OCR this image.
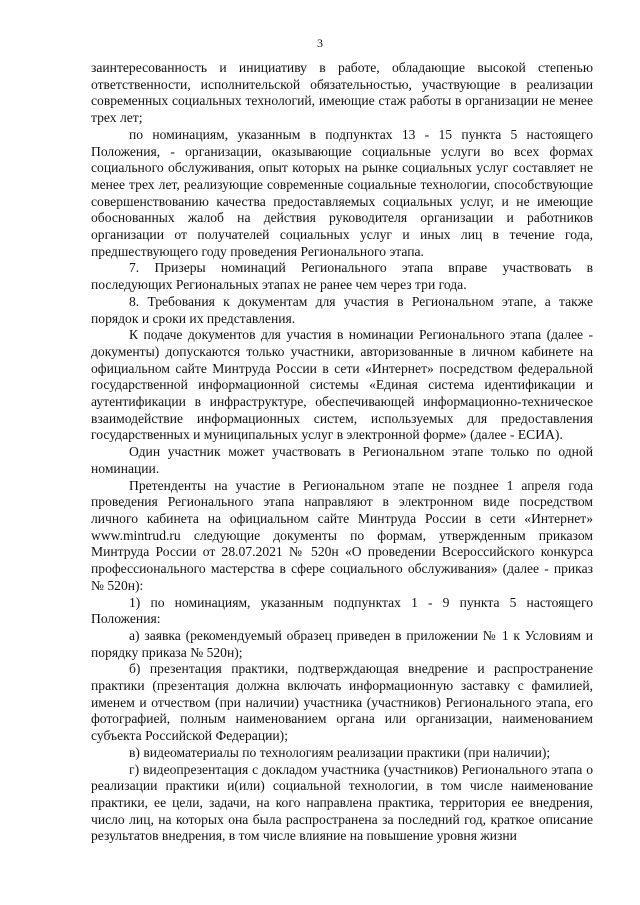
3

заинтересованность и инициативу в работе, обладающие высокой степенью ответственности, исполнительской обязательностью, участвующие в реализации современных социальных технологий, имеющие стаж работы в организации не менее трех лет;

по номинациям, указанным в подпунктах 13 - 15 пункта 5 настоящего Положения, - организации, оказывающие социальные услуги во всех формах социального обслуживания, опыт которых на рынке социальных услуг составляет не менее трех лет, реализующие современные социальные технологии, способствующие совершенствованию качества предоставляемых социальных услуг, и не имеющие обоснованных жалоб на действия руководителя организации и работников организации от получателей социальных услуг и иных лиц в течение года, предшествующего году проведения Регионального этапа.

7. Призеры номинаций Регионального этапа вправе участвовать в последующих Региональных этапах не ранее чем через три года.

8. Требования к документам для участия в Региональном этапе, а также порядок и сроки их представления.

К подаче документов для участия в номинации Регионального этапа (далее - документы) допускаются только участники, авторизованные в личном кабинете на официальном сайте Минтруда России в сети «Интернет» посредством федеральной государственной информационной системы «Единая система идентификации и аутентификации в инфраструктуре, обеспечивающей информационно-техническое взаимодействие информационных систем, используемых для предоставления государственных и муниципальных услуг в электронной форме» (далее - ЕСИА).

Один участник может участвовать в Региональном этапе только по одной номинации.

Претенденты на участие в Региональном этапе не позднее 1 апреля года проведения Регионального этапа направляют в электронном виде посредством личного кабинета на официальном сайте Минтруда России в сети «Интернет» www.mintrud.ru следующие документы по формам, утвержденным приказом Минтруда России от 28.07.2021 № 520н «О проведении Всероссийского конкурса профессионального мастерства в сфере социального обслуживания» (далее - приказ № 520н):

1) по номинациям, указанным подпунктах 1 - 9 пункта 5 настоящего Положения:

а) заявка (рекомендуемый образец приведен в приложении № 1 к Условиям и порядку приказа № 520н);

б) презентация практики, подтверждающая внедрение и распространение практики (презентация должна включать информационную заставку с фамилией, именем и отчеством (при наличии) участника (участников) Регионального этапа, его фотографией, полным наименованием органа или организации, наименованием субъекта Российской Федерации);

в) видеоматериалы по технологиям реализации практики (при наличии);

г) видеопрезентация с докладом участника (участников) Регионального этапа о реализации практики и(или) социальной технологии, в том числе наименование практики, ее цели, задачи, на кого направлена практика, территория ее внедрения, число лиц, на которых она была распространена за последний год, краткое описание результатов внедрения, в том числе влияние на повышение уровня жизни
